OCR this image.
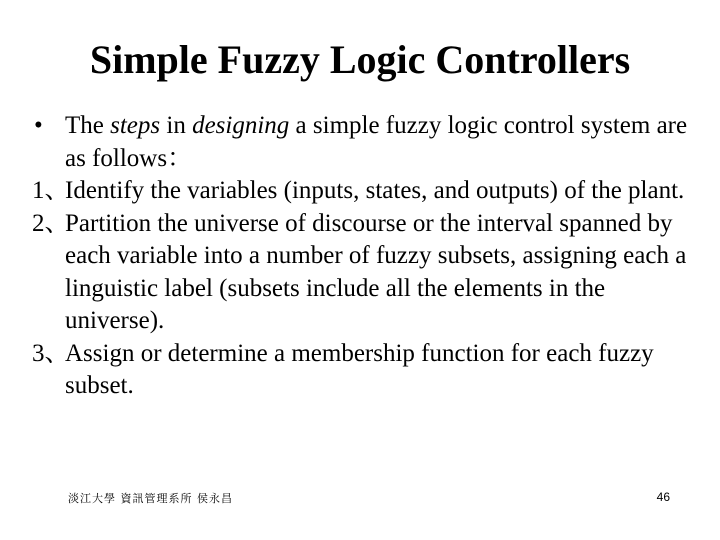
Simple Fuzzy Logic Controllers

• The steps in designing a simple fuzzy logic control system are as follows：

1、
Identify the variables (inputs, states, and outputs) of the plant.

2、
Partition the universe of discourse or the interval spanned by each variable into a number of fuzzy subsets, assigning each a linguistic label (subsets include all the elements in the universe).

3、
Assign or determine a membership function for each fuzzy subset.

淡江大學 資訊管理系所 侯永昌	46
